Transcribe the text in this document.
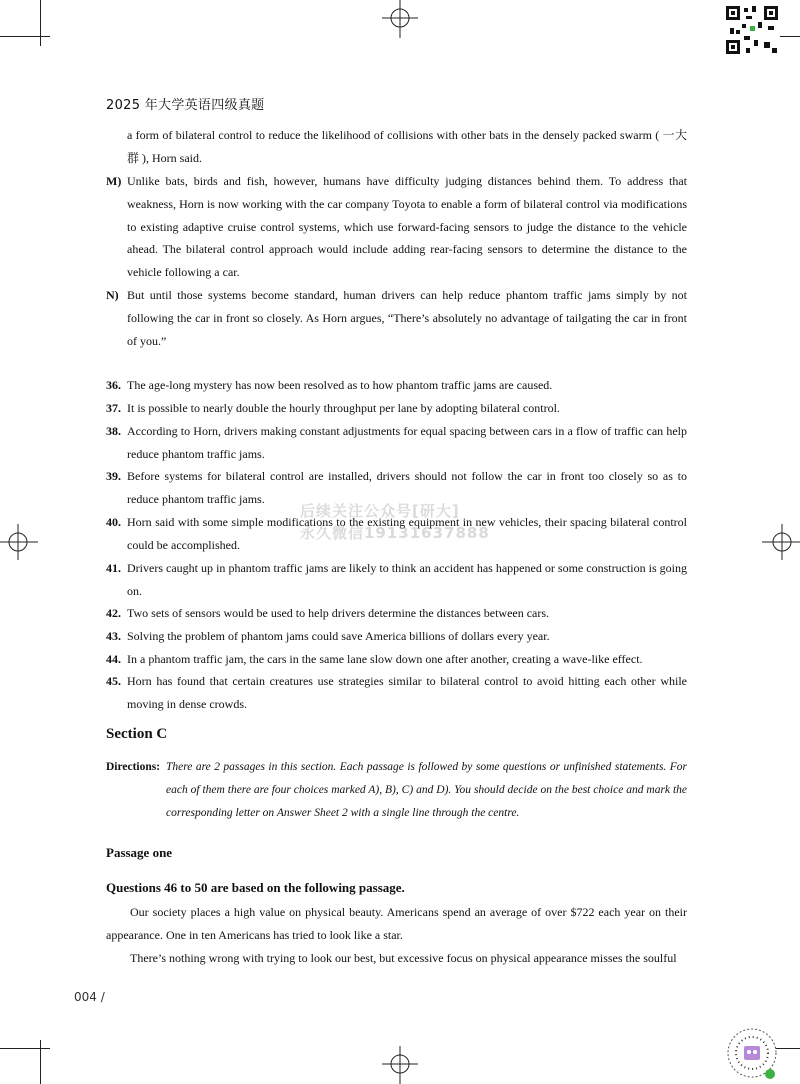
2025 年大学英语四级真题
a form of bilateral control to reduce the likelihood of collisions with other bats in the densely packed swarm ( 一大群 ), Horn said.
M) Unlike bats, birds and fish, however, humans have difficulty judging distances behind them. To address that weakness, Horn is now working with the car company Toyota to enable a form of bilateral control via modifications to existing adaptive cruise control systems, which use forward-facing sensors to judge the distance to the vehicle ahead. The bilateral control approach would include adding rear-facing sensors to determine the distance to the vehicle following a car.
N) But until those systems become standard, human drivers can help reduce phantom traffic jams simply by not following the car in front so closely. As Horn argues, “There’s absolutely no advantage of tailgating the car in front of you.”
36. The age-long mystery has now been resolved as to how phantom traffic jams are caused.
37. It is possible to nearly double the hourly throughput per lane by adopting bilateral control.
38. According to Horn, drivers making constant adjustments for equal spacing between cars in a flow of traffic can help reduce phantom traffic jams.
39. Before systems for bilateral control are installed, drivers should not follow the car in front too closely so as to reduce phantom traffic jams.
40. Horn said with some simple modifications to the existing equipment in new vehicles, their spacing bilateral control could be accomplished.
41. Drivers caught up in phantom traffic jams are likely to think an accident has happened or some construction is going on.
42. Two sets of sensors would be used to help drivers determine the distances between cars.
43. Solving the problem of phantom jams could save America billions of dollars every year.
44. In a phantom traffic jam, the cars in the same lane slow down one after another, creating a wave-like effect.
45. Horn has found that certain creatures use strategies similar to bilateral control to avoid hitting each other while moving in dense crowds.
后续关注公众号[研大]
永久微信19131637888
Section C
Directions: There are 2 passages in this section. Each passage is followed by some questions or unfinished statements. For each of them there are four choices marked A), B), C) and D). You should decide on the best choice and mark the corresponding letter on Answer Sheet 2 with a single line through the centre.
Passage one
Questions 46 to 50 are based on the following passage.
Our society places a high value on physical beauty. Americans spend an average of over $722 each year on their appearance. One in ten Americans has tried to look like a star.
There’s nothing wrong with trying to look our best, but excessive focus on physical appearance misses the soulful
004 /
